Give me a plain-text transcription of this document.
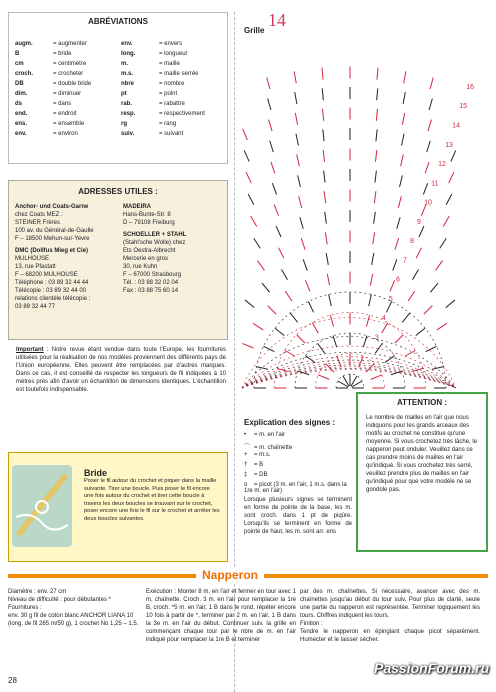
ABRÉVIATIONS
augm.	= augmenter
B	= bride
cm	= centimètre
croch.	= crocheter
DB	= double bride
dim.	= diminuer
ds	= dans
end.	= endroit
ens.	= ensemble
env.	= environ
env.	= envers
long.	= longueur
m.	= maille
m.s.	= maille serrée
nbre	= nombre
pt	= point
rab.	= rabattre
resp.	= respectivement
rg	= rang
suiv.	= suivant
ADRESSES UTILES :
Anchor- und Coats-Garne
chez Coats MEZ :
STEINER Frères
100 av. du Général-de-Gaulle
F – 18500 Mehun-sur-Yevre
DMC (Dollfus Mieg et Cie)
MULHOUSE
13, rue Pfastatt
F – 68200 MULHOUSE
Téléphone : 03 89 32 44 44
Télécopie : 03 89 32 44 00
relations clientèle télécopie :
03 89 32 44 77
MADEIRA
Hans-Bunte-Str. 8
D – 79108 Freiburg
SCHOELLER + STAHL
(Stahl'sche Wolle) chez
Ets Oestra-Albrecht
Mercerie en gros
30, rue Kuhn
F – 67000 Strasbourg
Tél. : 03 88 32 02 04
Fax : 03 88 75 60 14
Important : Notre revue étant vendue dans toute l'Europe, les fournitures utilisées pour la réalisation de nos modèles proviennent des différents pays de l'Union européenne. Elles peuvent être remplacées par d'autres marques. Dans ce cas, il est conseillé de respecter les longueurs de fil indiquées à 10 mètres près afin d'avoir un échantillon de dimensions identiques. L'échantillon est toutefois indispensable.
Bride
Poser le fil autour du crochet et piquer dans la maille suivante. Tirer une boucle. Puis poser le fil encore une fois autour du crochet et tirer cette boucle à travers les deux boucles se trouvant sur le crochet, poser encore une fois le fil sur le crochet et arrêter les deux boucles suivantes.
Grille
14
3
4
5
6
7
8
9
10
11
12
13
14
15
16
Explication des signes :
• = m. en l'air
⌒ = m. chaînette
+ = m.s.
† = B
‡ = DB
o = picot (3 m. en l'air, 1 m.s. dans la 1re m. en l'air)
Lorsque plusieurs signes se terminent en forme de pointe de la base, les m. sont croch. dans 1 pt de piqûre. Lorsqu'ils se terminent en forme de pointe de haut, les m. sont arr. ens
ATTENTION :
Le nombre de mailles en l'air que nous indiquons pour les grands arceaux des motifs au crochet ne constitue qu'une moyenne. Si vous crochetez très lâche, le napperon peut onduler. Veuillez dans ce cas prendre moins de mailles en l'air qu'indiqué. Si vous crochetez très serré, veuillez prendre plus de mailles en l'air qu'indiqué pour que votre modèle ne se gondole pas.
Napperon
Diamètre : env. 27 cm
Niveau de difficulté : pour débutantes *
Fournitures :
env. 30 g fil de coton blanc ANCHOR LIANA 10 (long. de fil 265 m/50 g), 1 crochet No 1,25 – 1,5.
Exécution : Monter 8 m. en l'air et fermer en tour avec 1 m. chaînette. Croch. 3 m. en l'air pour remplacer la 1re B, croch. *5 m. en l'air, 1 B dans le rond, répéter encore 10 fois à partir de *, terminer par 2 m. en l'air, 1 B dans la 3e m. en l'air du début. Continuer suiv. la grille en commençant chaque tour par le nbre de m. en l'air indiqué pour remplacer la 1re B et terminer
par des m. chaînettes. Si nécessaire, avancer avec des m. chaînettes jusqu'au début du tour suiv. Pour plus de clarté, seule une partie du napperon est représentée. Terminer logiquement les tours. Chiffres indiquent les tours.
Finition :
Tendre le napperon en épinglant chaque picot séparément. Humecter et le laisser sécher.
28
PassionForum.ru
